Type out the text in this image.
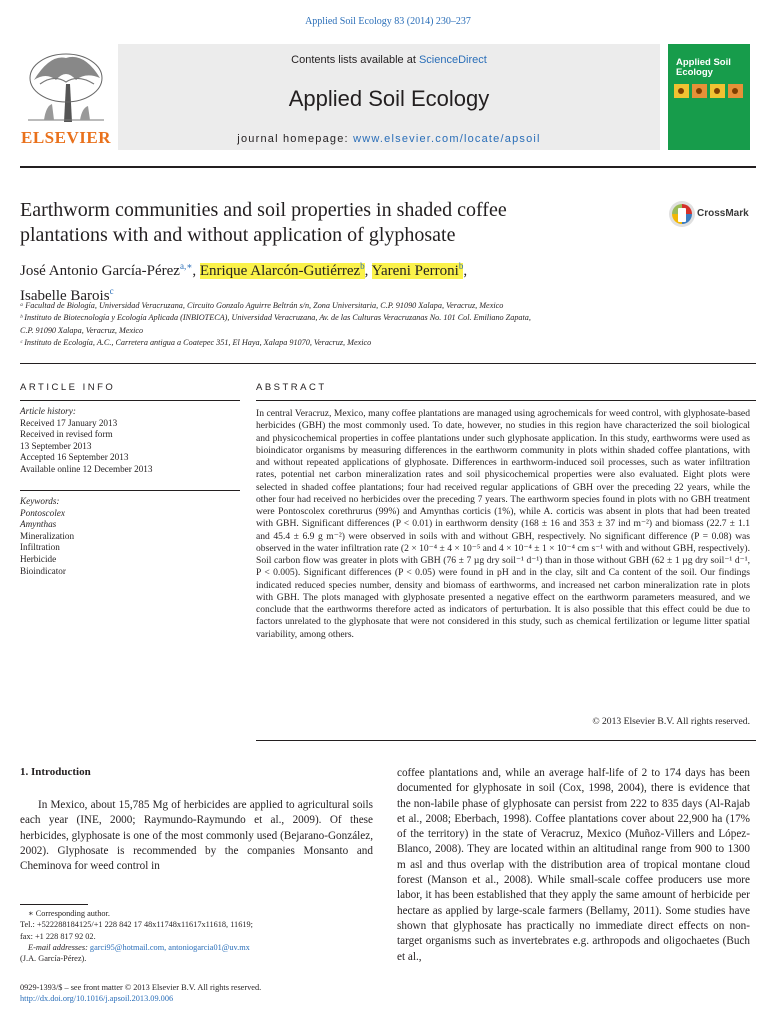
Applied Soil Ecology 83 (2014) 230–237
Contents lists available at ScienceDirect
Applied Soil Ecology
journal homepage: www.elsevier.com/locate/apsoil
ELSEVIER
Applied Soil Ecology
Earthworm communities and soil properties in shaded coffee
plantations with and without application of glyphosate
CrossMark
José Antonio García-Pérez$^{a,∗}$, Enrique Alarcón-Gutiérrez$^b$, Yareni Perroni$^b$,
Isabelle Barois$^c$
ᵃ Facultad de Biología, Universidad Veracruzana, Circuito Gonzalo Aguirre Beltrán s/n, Zona Universitaria, C.P. 91090 Xalapa, Veracruz, Mexico
ᵇ Instituto de Biotecnología y Ecología Aplicada (INBIOTECA), Universidad Veracruzana, Av. de las Culturas Veracruzanas No. 101 Col. Emiliano Zapata,
C.P. 91090 Xalapa, Veracruz, Mexico
ᶜ Instituto de Ecología, A.C., Carretera antigua a Coatepec 351, El Haya, Xalapa 91070, Veracruz, Mexico
ARTICLE INFO
Article history:
Received 17 January 2013
Received in revised form
13 September 2013
Accepted 16 September 2013
Available online 12 December 2013
Keywords:
Pontoscolex
Amynthas
Mineralization
Infiltration
Herbicide
Bioindicator
ABSTRACT
In central Veracruz, Mexico, many coffee plantations are managed using agrochemicals for weed control, with glyphosate-based herbicides (GBH) the most commonly used. To date, however, no studies in this region have characterized the soil biological and physicochemical properties in coffee plantations under such glyphosate application. In this study, earthworms were used as bioindicator organisms by measuring differences in the earthworm community in plots within shaded coffee plantations, with and without repeated applications of glyphosate. Differences in earthworm-induced soil processes, such as water infiltration rates, potential net carbon mineralization rates and soil physicochemical properties were also evaluated. Eight plots were selected in shaded coffee plantations; four had received regular applications of GBH over the preceding 22 years, while the other four had received no herbicides over the preceding 7 years. The earthworm species found in plots with no GBH treatment were Pontoscolex corethrurus (99%) and Amynthas corticis (1%), while A. corticis was absent in plots that had been treated with GBH. Significant differences (P < 0.01) in earthworm density (168 ± 16 and 353 ± 37 ind m⁻²) and biomass (22.7 ± 1.1 and 45.4 ± 6.9 g m⁻²) were observed in soils with and without GBH, respectively. No significant difference (P = 0.08) was observed in the water infiltration rate (2 × 10⁻⁴ ± 4 × 10⁻⁵ and 4 × 10⁻⁴ ± 1 × 10⁻⁴ cm s⁻¹ with and without GBH, respectively). Soil carbon flow was greater in plots with GBH (76 ± 7 µg dry soil⁻¹ d⁻¹) than in those without GBH (62 ± 1 µg dry soil⁻¹ d⁻¹, P < 0.005). Significant differences (P < 0.05) were found in pH and in the clay, silt and Ca content of the soil. Our findings indicated reduced species number, density and biomass of earthworms, and increased net carbon mineralization rate in plots with GBH. The plots managed with glyphosate presented a negative effect on the earthworm parameters measured, and we conclude that the earthworms therefore acted as indicators of perturbation. It is also possible that this effect could be due to factors unrelated to the glyphosate that were not considered in this study, such as chemical fertilization or legume litter spatial variability, among others.
© 2013 Elsevier B.V. All rights reserved.
1. Introduction
In Mexico, about 15,785 Mg of herbicides are applied to agricultural soils each year (INE, 2000; Raymundo-Raymundo et al., 2009). Of these herbicides, glyphosate is one of the most commonly used (Bejarano-González, 2002). Glyphosate is recommended by the companies Monsanto and Cheminova for weed control in
coffee plantations and, while an average half-life of 2 to 174 days has been documented for glyphosate in soil (Cox, 1998, 2004), there is evidence that the non-labile phase of glyphosate can persist from 222 to 835 days (Al-Rajab et al., 2008; Eberbach, 1998). Coffee plantations cover about 22,900 ha (17% of the territory) in the state of Veracruz, Mexico (Muñoz-Villers and López-Blanco, 2008). They are located within an altitudinal range from 900 to 1300 m asl and thus overlap with the distribution area of tropical montane cloud forest (Manson et al., 2008). While small-scale coffee producers use more labor, it has been established that they apply the same amount of herbicide per hectare as applied by large-scale farmers (Bellamy, 2011). Some studies have shown that glyphosate has practically no immediate direct effects on non-target organisms such as invertebrates e.g. arthropods and oligochaetes (Buch et al.,
∗ Corresponding author.
Tel.: +522288184125/+1 228 842 17 48x11748x11617x11618, 11619;
fax: +1 228 817 92 02.
E-mail addresses: garci95@hotmail.com, antoniogarcia01@uv.mx
(J.A. García-Pérez).
0929-1393/$ – see front matter © 2013 Elsevier B.V. All rights reserved.
http://dx.doi.org/10.1016/j.apsoil.2013.09.006
